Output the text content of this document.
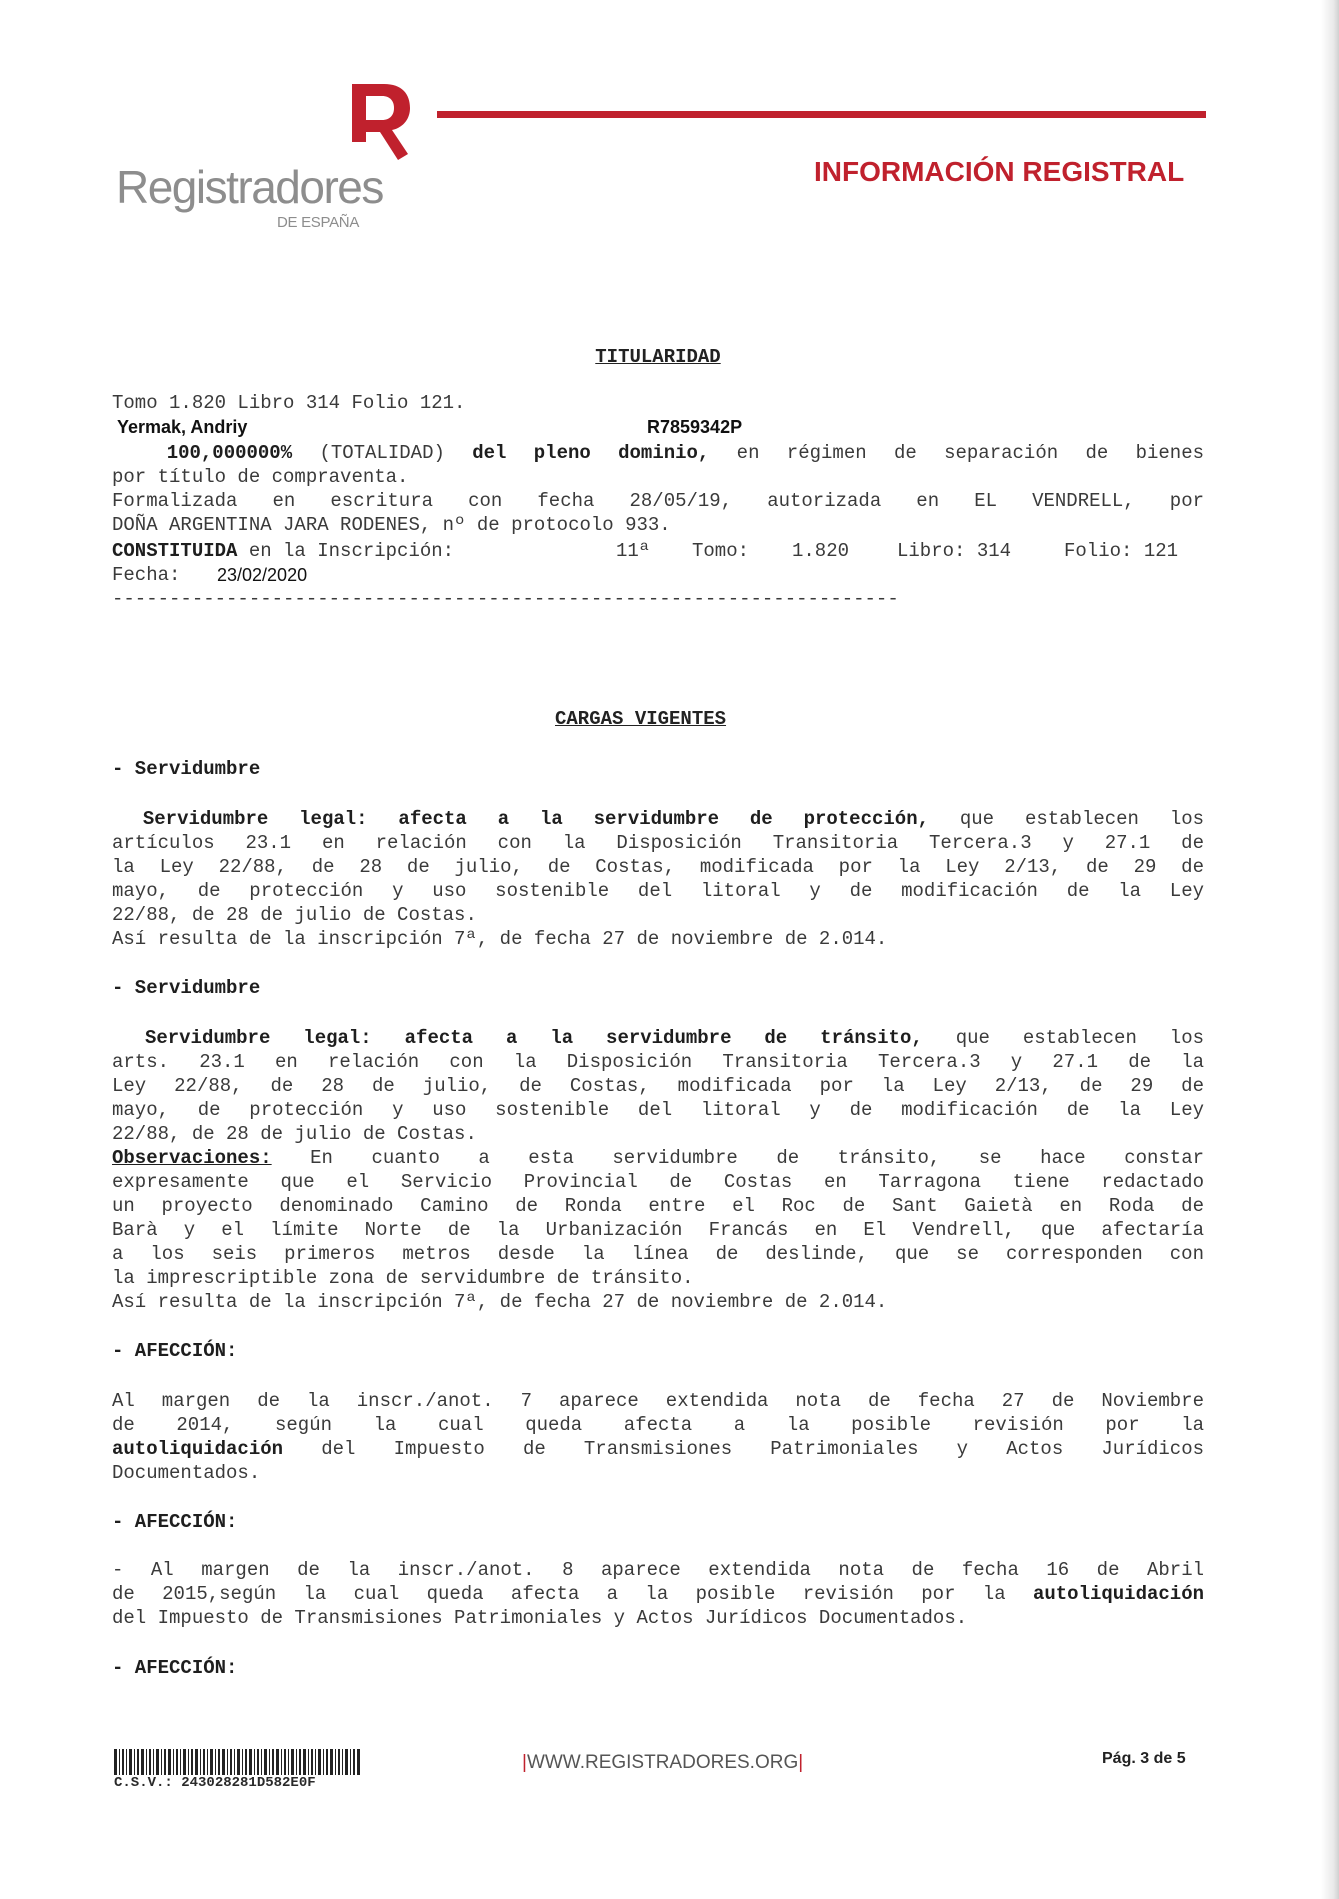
Registradores
DE ESPAÑA
INFORMACIÓN REGISTRAL
TITULARIDAD
Tomo 1.820 Libro 314 Folio 121.
Yermak, Andriy	R7859342P
100,000000% (TOTALIDAD) del pleno dominio, en régimen de separación de bienes
por título de compraventa.
Formalizada en escritura con fecha 28/05/19, autorizada en EL VENDRELL, por
DOÑA ARGENTINA JARA RODENES, nº de protocolo 933.
CONSTITUIDA en la Inscripción:	11ª Tomo: 1.820	Libro: 314	Folio: 121
Fecha: 23/02/2020
---------------------------------------------------------------------
CARGAS VIGENTES
- Servidumbre
Servidumbre legal: afecta a la servidumbre de protección, que establecen los
artículos 23.1 en relación con la Disposición Transitoria Tercera.3 y 27.1 de
la Ley 22/88, de 28 de julio, de Costas, modificada por la Ley 2/13, de 29 de
mayo, de protección y uso sostenible del litoral y de modificación de la Ley
22/88, de 28 de julio de Costas.
Así resulta de la inscripción 7ª, de fecha 27 de noviembre de 2.014.
- Servidumbre
Servidumbre legal: afecta a la servidumbre de tránsito, que establecen los
arts. 23.1 en relación con la Disposición Transitoria Tercera.3 y 27.1 de la
Ley 22/88, de 28 de julio, de Costas, modificada por la Ley 2/13, de 29 de
mayo, de protección y uso sostenible del litoral y de modificación de la Ley
22/88, de 28 de julio de Costas.
Observaciones: En cuanto a esta servidumbre de tránsito, se hace constar
expresamente que el Servicio Provincial de Costas en Tarragona tiene redactado
un proyecto denominado Camino de Ronda entre el Roc de Sant Gaietà en Roda de
Barà y el límite Norte de la Urbanización Francás en El Vendrell, que afectaría
a los seis primeros metros desde la línea de deslinde, que se corresponden con
la imprescriptible zona de servidumbre de tránsito.
Así resulta de la inscripción 7ª, de fecha 27 de noviembre de 2.014.
- AFECCIÓN:
Al margen de la inscr./anot. 7 aparece extendida nota de fecha 27 de Noviembre
de 2014, según la cual queda afecta a la posible revisión por la
autoliquidación del Impuesto de Transmisiones Patrimoniales y Actos Jurídicos
Documentados.
- AFECCIÓN:
- Al margen de la inscr./anot. 8 aparece extendida nota de fecha 16 de Abril
de 2015,según la cual queda afecta a la posible revisión por la autoliquidación
del Impuesto de Transmisiones Patrimoniales y Actos Jurídicos Documentados.
- AFECCIÓN:
C.S.V.: 243028281D582E0F
|WWW.REGISTRADORES.ORG|	Pág. 3 de 5
